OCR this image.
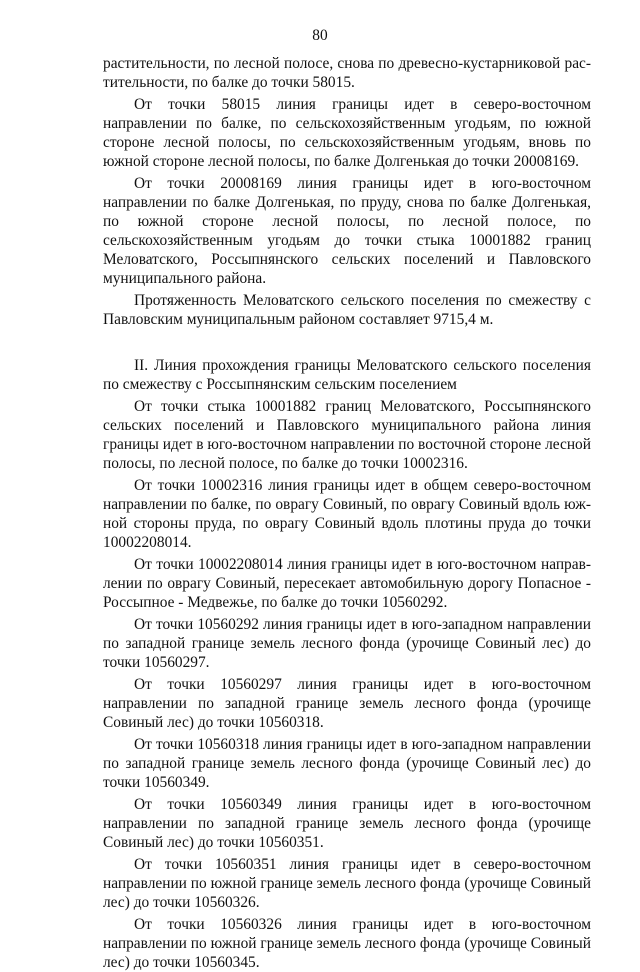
80

растительности, по лесной полосе, снова по древесно-кустарниковой растительности, по балке до точки 58015.

От точки 58015 линия границы идет в северо-восточном направлении по балке, по сельскохозяйственным угодьям, по южной стороне лесной полосы, по сельскохозяйственным угодьям, вновь по южной стороне лесной полосы, по балке Долгенькая до точки 20008169.

От точки 20008169 линия границы идет в юго-восточном направлении по балке Долгенькая, по пруду, снова по балке Долгенькая, по южной стороне лесной полосы, по лесной полосе, по сельскохозяйственным угодьям до точки стыка 10001882 границ Меловатского, Россыпнянского сельских поселений и Павловского муниципального района.

Протяженность Меловатского сельского поселения по смежеству с Павловским муниципальным районом составляет 9715,4 м.

II. Линия прохождения границы Меловатского сельского поселения по смежеству с Россыпнянским сельским поселением

От точки стыка 10001882 границ Меловатского, Россыпнянского сельских поселений и Павловского муниципального района линия границы идет в юго-восточном направлении по восточной стороне лесной полосы, по лесной полосе, по балке до точки 10002316.

От точки 10002316 линия границы идет в общем северо-восточном направлении по балке, по оврагу Совиный, по оврагу Совиный вдоль южной стороны пруда, по оврагу Совиный вдоль плотины пруда до точки 10002208014.

От точки 10002208014 линия границы идет в юго-восточном направлении по оврагу Совиный, пересекает автомобильную дорогу Попасное - Россыпное - Медвежье, по балке до точки 10560292.

От точки 10560292 линия границы идет в юго-западном направлении по западной границе земель лесного фонда (урочище Совиный лес) до точки 10560297.

От точки 10560297 линия границы идет в юго-восточном направлении по западной границе земель лесного фонда (урочище Совиный лес) до точки 10560318.

От точки 10560318 линия границы идет в юго-западном направлении по западной границе земель лесного фонда (урочище Совиный лес) до точки 10560349.

От точки 10560349 линия границы идет в юго-восточном направлении по западной границе земель лесного фонда (урочище Совиный лес) до точки 10560351.

От точки 10560351 линия границы идет в северо-восточном направлении по южной границе земель лесного фонда (урочище Совиный лес) до точки 10560326.

От точки 10560326 линия границы идет в юго-восточном направлении по южной границе земель лесного фонда (урочище Совиный лес) до точки 10560345.
